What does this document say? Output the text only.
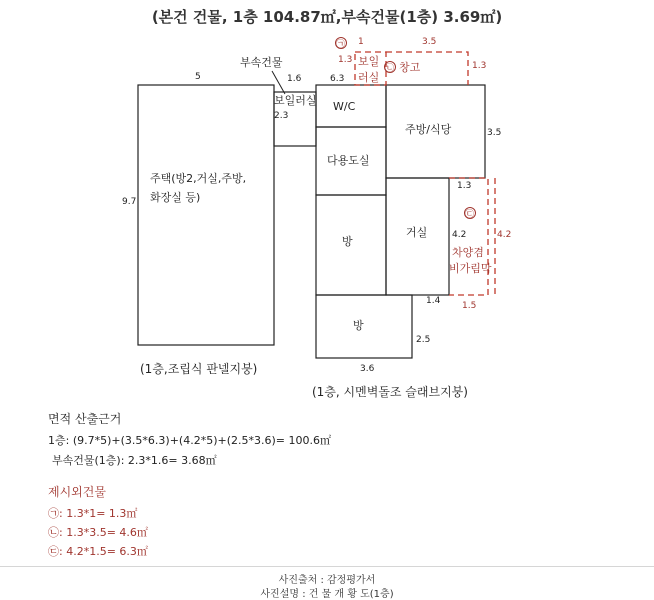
(본건 건물, 1층 104.87㎡,부속건물(1층) 3.69㎡)
주택(방2,거실,주방,
화장실 등)
부속건물
보일러실 W/C
다용도실
주방/식당
방
거실
방
(1층,조립식 판넬지붕)
(1층, 시멘벽돌조 슬래브지붕)
5	1.6
2.3
9.7
6.3
3.5
1.3
4.2
1.4
2.5
3.6
㉠ 1	3.5
1.3
1.3
보일
러실
㉡ 창고
㉢
차양겸
비가림막
4.2
1.5
면적 산출근거
1층: (9.7*5)+(3.5*6.3)+(4.2*5)+(2.5*3.6)= 100.6㎡
부속건물(1층): 2.3*1.6= 3.68㎡
제시외건물
㉠: 1.3*1= 1.3㎡
㉡: 1.3*3.5= 4.6㎡
㉢: 4.2*1.5= 6.3㎡
사진출처 : 감정평가서
사진설명 : 건 물 개 황 도(1층)
